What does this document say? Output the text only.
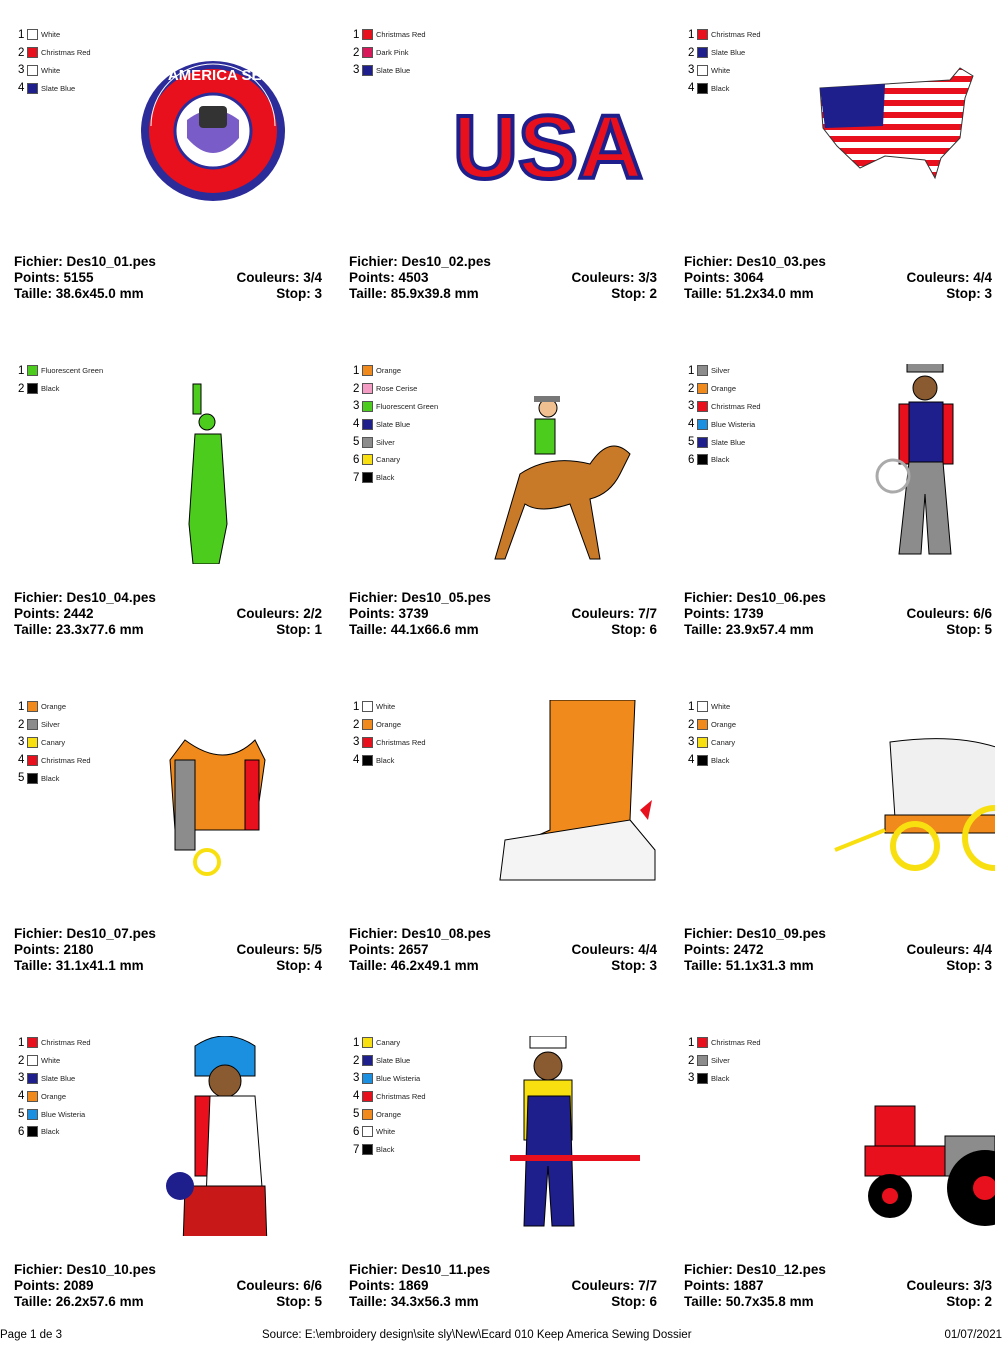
1	White
2	Christmas Red
3	White
4	Slate Blue
KEEP AMERICA SEWING
Fichier: Des10_01.pes
Points: 5155	Couleurs: 3/4
Taille: 38.6x45.0 mm	Stop: 3
1	Christmas Red
2	Dark Pink
3	Slate Blue
USA
Fichier: Des10_02.pes
Points: 4503	Couleurs: 3/3
Taille: 85.9x39.8 mm	Stop: 2
1	Christmas Red
2	Slate Blue
3	White
4	Black
Fichier: Des10_03.pes
Points: 3064	Couleurs: 4/4
Taille: 51.2x34.0 mm	Stop: 3
1	Fluorescent Green
2	Black
Fichier: Des10_04.pes
Points: 2442	Couleurs: 2/2
Taille: 23.3x77.6 mm	Stop: 1
1	Orange
2	Rose Cerise
3	Fluorescent Green
4	Slate Blue
5	Silver
6	Canary
7	Black
Fichier: Des10_05.pes
Points: 3739	Couleurs: 7/7
Taille: 44.1x66.6 mm	Stop: 6
1	Silver
2	Orange
3	Christmas Red
4	Blue Wisteria
5	Slate Blue
6	Black
Fichier: Des10_06.pes
Points: 1739	Couleurs: 6/6
Taille: 23.9x57.4 mm	Stop: 5
1	Orange
2	Silver
3	Canary
4	Christmas Red
5	Black
Fichier: Des10_07.pes
Points: 2180	Couleurs: 5/5
Taille: 31.1x41.1 mm	Stop: 4
1	White
2	Orange
3	Christmas Red
4	Black
Fichier: Des10_08.pes
Points: 2657	Couleurs: 4/4
Taille: 46.2x49.1 mm	Stop: 3
1	White
2	Orange
3	Canary
4	Black
Fichier: Des10_09.pes
Points: 2472	Couleurs: 4/4
Taille: 51.1x31.3 mm	Stop: 3
1	Christmas Red
2	White
3	Slate Blue
4	Orange
5	Blue Wisteria
6	Black
Fichier: Des10_10.pes
Points: 2089	Couleurs: 6/6
Taille: 26.2x57.6 mm	Stop: 5
1	Canary
2	Slate Blue
3	Blue Wisteria
4	Christmas Red
5	Orange
6	White
7	Black
Fichier: Des10_11.pes
Points: 1869	Couleurs: 7/7
Taille: 34.3x56.3 mm	Stop: 6
1	Christmas Red
2	Silver
3	Black
Fichier: Des10_12.pes
Points: 1887	Couleurs: 3/3
Taille: 50.7x35.8 mm	Stop: 2
Page 1 de 3	Source: E:\embroidery design\site sly\New\Ecard 010 Keep America Sewing Dossier	01/07/2021
